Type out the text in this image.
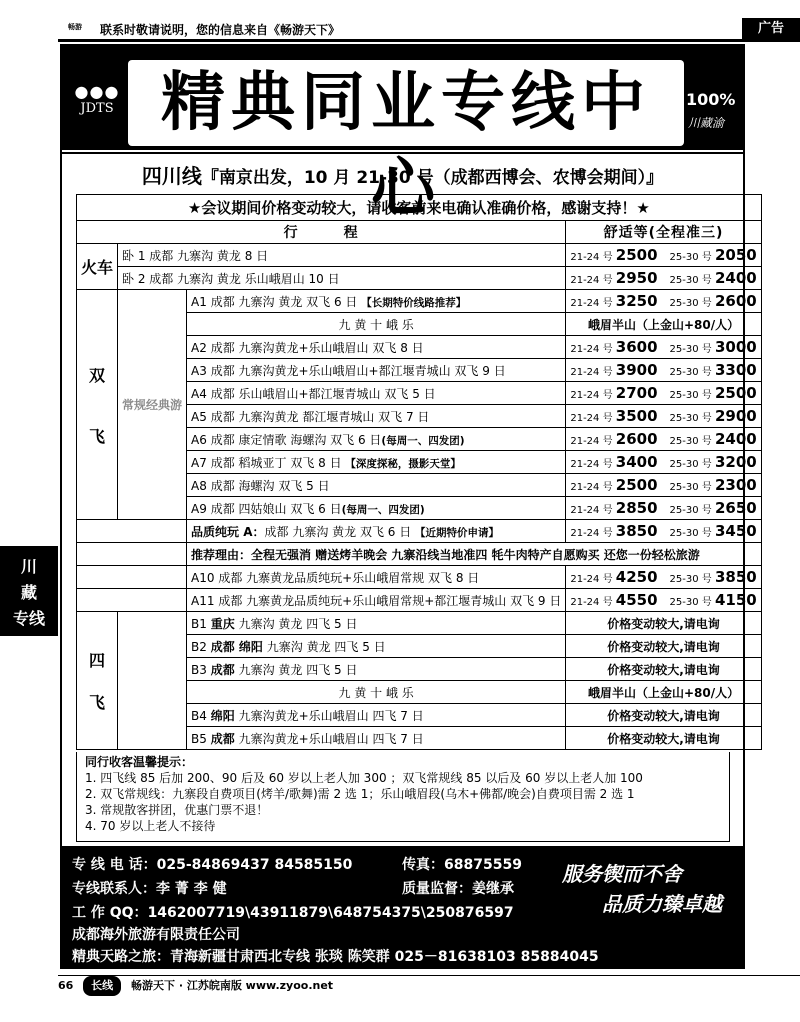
畅游	联系时敬请说明，您的信息来自《畅游天下》	广告
川
藏
专线
●●●
JDTS 精典同业专线中心
100%
川藏渝
四川线『南京出发，10 月 21-30 号（成都西博会、农博会期间）』
★会议期间价格变动较大，请收客前来电确认准确价格，感谢支持！★			
行　　　程			舒适等(全程准三)
火车	卧 1 成都 九寨沟 黄龙 8 日		21-24 号 2500 25-30 号 2050
	卧 2 成都 九寨沟 黄龙 乐山峨眉山 10 日		21-24 号 2950 25-30 号 2400
双

飞	常规经典游	A1 成都 九寨沟 黄龙 双飞 6 日 【长期特价线路推荐】	21-24 号 3250 25-30 号 2600
		九 黄 十 峨 乐	峨眉半山（上金山+80/人）
		A2 成都 九寨沟黄龙+乐山峨眉山 双飞 8 日	21-24 号 3600 25-30 号 3000
		A3 成都 九寨沟黄龙+乐山峨眉山+都江堰青城山 双飞 9 日	21-24 号 3900 25-30 号 3300
		A4 成都 乐山峨眉山+都江堰青城山 双飞 5 日	21-24 号 2700 25-30 号 2500
		A5 成都 九寨沟黄龙 都江堰青城山 双飞 7 日	21-24 号 3500 25-30 号 2900
		A6 成都 康定情歌 海螺沟 双飞 6 日(每周一、四发团)	21-24 号 2600 25-30 号 2400
		A7 成都 稻城亚丁 双飞 8 日 【深度探秘，摄影天堂】	21-24 号 3400 25-30 号 3200
		A8 成都 海螺沟 双飞 5 日	21-24 号 2500 25-30 号 2300
		A9 成都 四姑娘山 双飞 6 日(每周一、四发团)	21-24 号 2850 25-30 号 2650
		品质纯玩 A：成都 九寨沟 黄龙 双飞 6 日 【近期特价申请】	21-24 号 3850 25-30 号 3450
		推荐理由：全程无强消 赠送烤羊晚会 九寨沿线当地准四 牦牛肉特产自愿购买 还您一份轻松旅游	
		A10 成都 九寨黄龙品质纯玩+乐山峨眉常规 双飞 8 日	21-24 号 4250 25-30 号 3850
		A11 成都 九寨黄龙品质纯玩+乐山峨眉常规+都江堰青城山 双飞 9 日	21-24 号 4550 25-30 号 4150
四

飞		B1 重庆 九寨沟 黄龙 四飞 5 日	价格变动较大,请电询
		B2 成都 绵阳 九寨沟 黄龙 四飞 5 日	价格变动较大,请电询
		B3 成都 九寨沟 黄龙 四飞 5 日	价格变动较大,请电询
		九 黄 十 峨 乐	峨眉半山（上金山+80/人）
		B4 绵阳 九寨沟黄龙+乐山峨眉山 四飞 7 日	价格变动较大,请电询
		B5 成都 九寨沟黄龙+乐山峨眉山 四飞 7 日	价格变动较大,请电询
同行收客温馨提示：
1. 四飞线 85 后加 200、90 后及 60 岁以上老人加 300 ；双飞常规线 85 以后及 60 岁以上老人加 100
2. 双飞常规线：九寨段自费项目(烤羊/歌舞)需 2 选 1；乐山峨眉段(乌木+佛都/晚会)自费项目需 2 选 1
3. 常规散客拼团，优惠门票不退！
4. 70 岁以上老人不接待
专 线 电 话：025-84869437 84585150	传真：68875559
专线联系人：李 菁 李 健	质量监督：姜继承
工 作 QQ：1462007719\43911879\648754375\250876597
成都海外旅游有限责任公司
精典天路之旅：青海新疆甘肃西北专线 张琰 陈笑群 025－81638103 85884045
服务锲而不舍
品质力臻卓越
66 长线 畅游天下 · 江苏皖南版 www.zyoo.net
